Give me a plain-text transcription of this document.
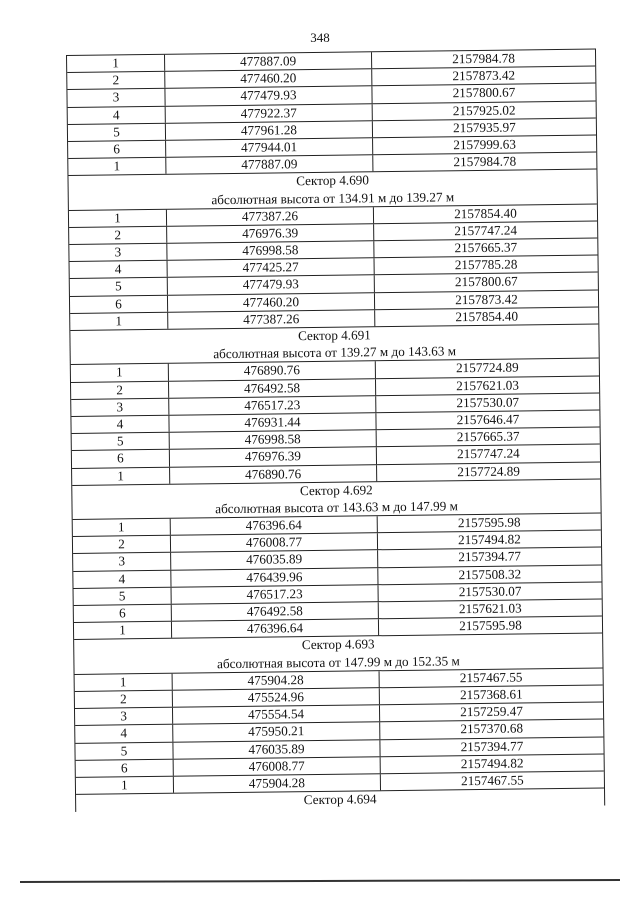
348
1	477887.09	2157984.78
2	477460.20	2157873.42
3	477479.93	2157800.67
4	477922.37	2157925.02
5	477961.28	2157935.97
6	477944.01	2157999.63
1	477887.09	2157984.78
Сектор 4.690
абсолютная высота от 134.91 м до 139.27 м
1	477387.26	2157854.40
2	476976.39	2157747.24
3	476998.58	2157665.37
4	477425.27	2157785.28
5	477479.93	2157800.67
6	477460.20	2157873.42
1	477387.26	2157854.40
Сектор 4.691
абсолютная высота от 139.27 м до 143.63 м
1	476890.76	2157724.89
2	476492.58	2157621.03
3	476517.23	2157530.07
4	476931.44	2157646.47
5	476998.58	2157665.37
6	476976.39	2157747.24
1	476890.76	2157724.89
Сектор 4.692
абсолютная высота от 143.63 м до 147.99 м
1	476396.64	2157595.98
2	476008.77	2157494.82
3	476035.89	2157394.77
4	476439.96	2157508.32
5	476517.23	2157530.07
6	476492.58	2157621.03
1	476396.64	2157595.98
Сектор 4.693
абсолютная высота от 147.99 м до 152.35 м
1	475904.28	2157467.55
2	475524.96	2157368.61
3	475554.54	2157259.47
4	475950.21	2157370.68
5	476035.89	2157394.77
6	476008.77	2157494.82
1	475904.28	2157467.55
Сектор 4.694
